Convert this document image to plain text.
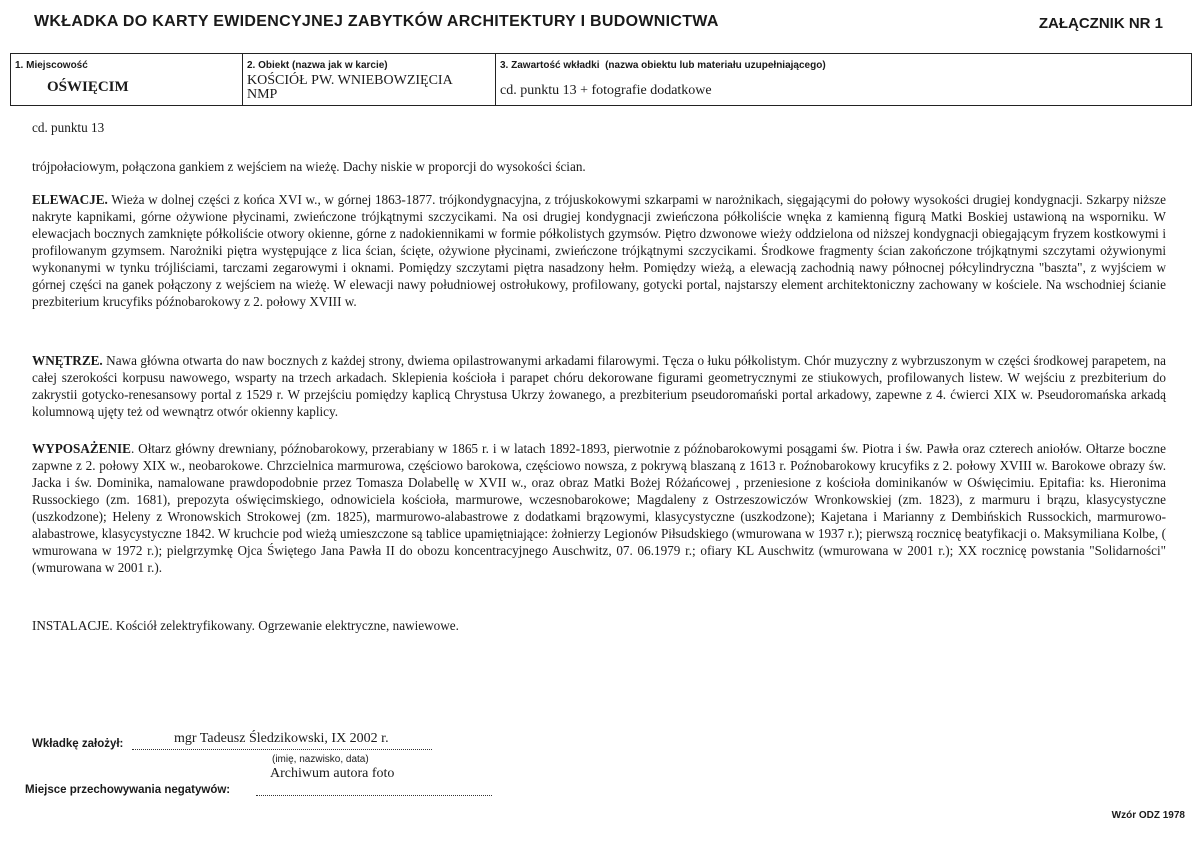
WKŁADKA DO KARTY EWIDENCYJNEJ ZABYTKÓW ARCHITEKTURY I BUDOWNICTWA	ZAŁĄCZNIK NR 1
1. Miejscowość
OŚWIĘCIM
2. Obiekt (nazwa jak w karcie)
KOŚCIÓŁ PW. WNIEBOWZIĘCIA
NMP
3. Zawartość wkładki (nazwa obiektu lub materiału uzupełniającego)
cd. punktu 13 + fotografie dodatkowe
cd. punktu 13
trójpołaciowym, połączona gankiem z wejściem na wieżę. Dachy niskie w proporcji do wysokości ścian.
ELEWACJE. Wieża w dolnej części z końca XVI w., w górnej 1863-1877. trójkondygnacyjna, z trójuskokowymi szkarpami w narożnikach, sięgającymi do połowy wysokości drugiej kondygnacji. Szkarpy niższe nakryte kapnikami, górne ożywione płycinami, zwieńczone trójkątnymi szczycikami. Na osi drugiej kondygnacji zwieńczona półkoliście wnęka z kamienną figurą Matki Boskiej ustawioną na wsporniku. W elewacjach bocznych zamknięte półkoliście otwory okienne, górne z nadokiennikami w formie półkolistych gzymsów. Piętro dzwonowe wieży oddzielona od niższej kondygnacji obiegającym fryzem kostkowymi i profilowanym gzymsem. Narożniki piętra występujące z lica ścian, ścięte, ożywione płycinami, zwieńczone trójkątnymi szczycikami. Środkowe fragmenty ścian zakończone trójkątnymi szczytami ożywionymi wykonanymi w tynku trójliściami, tarczami zegarowymi i oknami. Pomiędzy szczytami piętra nasadzony hełm. Pomiędzy wieżą, a elewacją zachodnią nawy północnej półcylindryczna "baszta", z wyjściem w górnej części na ganek połączony z wejściem na wieżę. W elewacji nawy południowej ostrołukowy, profilowany, gotycki portal, najstarszy element architektoniczny zachowany w kościele. Na wschodniej ścianie prezbiterium krucyfiks późnobarokowy z 2. połowy XVIII w.
WNĘTRZE. Nawa główna otwarta do naw bocznych z każdej strony, dwiema opilastrowanymi arkadami filarowymi. Tęcza o łuku półkolistym. Chór muzyczny z wybrzuszonym w części środkowej parapetem, na całej szerokości korpusu nawowego, wsparty na trzech arkadach. Sklepienia kościoła i parapet chóru dekorowane figurami geometrycznymi ze stiukowych, profilowanych listew. W wejściu z prezbiterium do zakrystii gotycko-renesansowy portal z 1529 r. W przejściu pomiędzy kaplicą Chrystusa Ukrzy żowanego, a prezbiterium pseudoromański portal arkadowy, zapewne z 4. ćwierci XIX w. Pseudoromańska arkadą kolumnową ujęty też od wewnątrz otwór okienny kaplicy.
WYPOSAŻENIE. Ołtarz główny drewniany, późnobarokowy, przerabiany w 1865 r. i w latach 1892-1893, pierwotnie z późnobarokowymi posągami św. Piotra i św. Pawła oraz czterech aniołów. Ołtarze boczne zapwne z 2. połowy XIX w., neobarokowe. Chrzcielnica marmurowa, częściowo barokowa, częściowo nowsza, z pokrywą blaszaną z 1613 r. Poźnobarokowy krucyfiks z 2. połowy XVIII w. Barokowe obrazy św. Jacka i św. Dominika, namalowane prawdopodobnie przez Tomasza Dolabellę w XVII w., oraz obraz Matki Bożej Różańcowej , przeniesione z kościoła dominikanów w Oświęcimiu. Epitafia: ks. Hieronima Russockiego (zm. 1681), prepozyta oświęcimskiego, odnowiciela kościoła, marmurowe, wczesnobarokowe; Magdaleny z Ostrzeszowiczów Wronkowskiej (zm. 1823), z marmuru i brązu, klasycystyczne (uszkodzone); Heleny z Wronowskich Strokowej (zm. 1825), marmurowo-alabastrowe z dodatkami brązowymi, klasycystyczne (uszkodzone); Kajetana i Marianny z Dembińskich Russockich, marmurowo-alabastrowe, klasycystyczne 1842. W kruchcie pod wieżą umieszczone są tablice upamiętniające: żołnierzy Legionów Piłsudskiego (wmurowana w 1937 r.); pierwszą rocznicę beatyfikacji o. Maksymiliana Kolbe, ( wmurowana w 1972 r.); pielgrzymkę Ojca Świętego Jana Pawła II do obozu koncentracyjnego Auschwitz, 07. 06.1979 r.; ofiary KL Auschwitz (wmurowana w 2001 r.); XX rocznicę powstania "Solidarności" (wmurowana w 2001 r.).
INSTALACJE. Kościół zelektryfikowany. Ogrzewanie elektryczne, nawiewowe.
Wkładkę założył:	mgr Tadeusz Śledzikowski, IX 2002 r.
(imię, nazwisko, data)
Archiwum autora foto
Miejsce przechowywania negatywów:
Wzór ODZ 1978
